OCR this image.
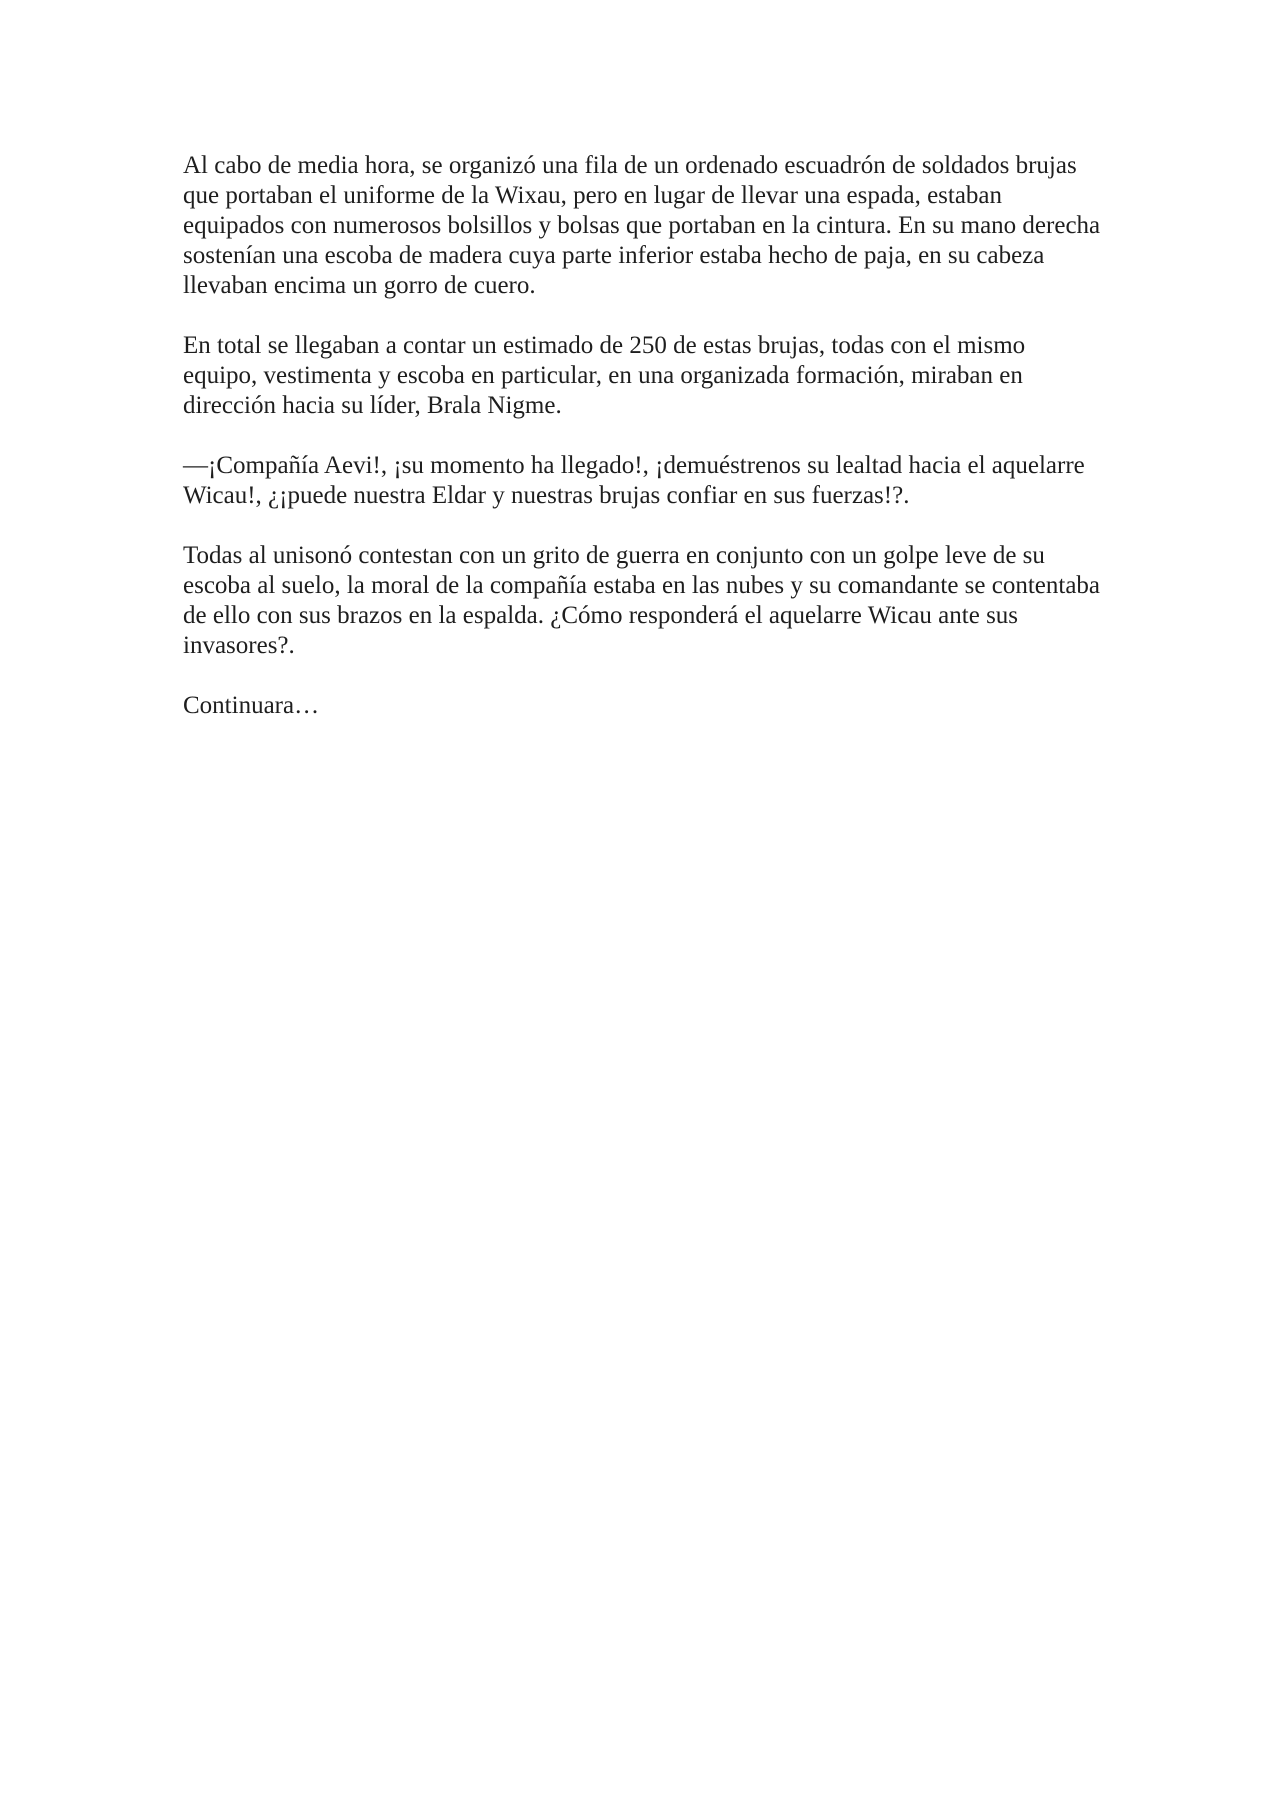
Al cabo de media hora, se organizó una fila de un ordenado escuadrón de soldados brujas que portaban el uniforme de la Wixau, pero en lugar de llevar una espada, estaban equipados con numerosos bolsillos y bolsas que portaban en la cintura. En su mano derecha sostenían una escoba de madera cuya parte inferior estaba hecho de paja, en su cabeza llevaban encima un gorro de cuero.

En total se llegaban a contar un estimado de 250 de estas brujas, todas con el mismo equipo, vestimenta y escoba en particular, en una organizada formación, miraban en dirección hacia su líder, Brala Nigme.

—¡Compañía Aevi!, ¡su momento ha llegado!, ¡demuéstrenos su lealtad hacia el aquelarre Wicau!, ¿¡puede nuestra Eldar y nuestras brujas confiar en sus fuerzas!?.

Todas al unisonó contestan con un grito de guerra en conjunto con un golpe leve de su escoba al suelo, la moral de la compañía estaba en las nubes y su comandante se contentaba de ello con sus brazos en la espalda. ¿Cómo responderá el aquelarre Wicau ante sus invasores?.

Continuara…
